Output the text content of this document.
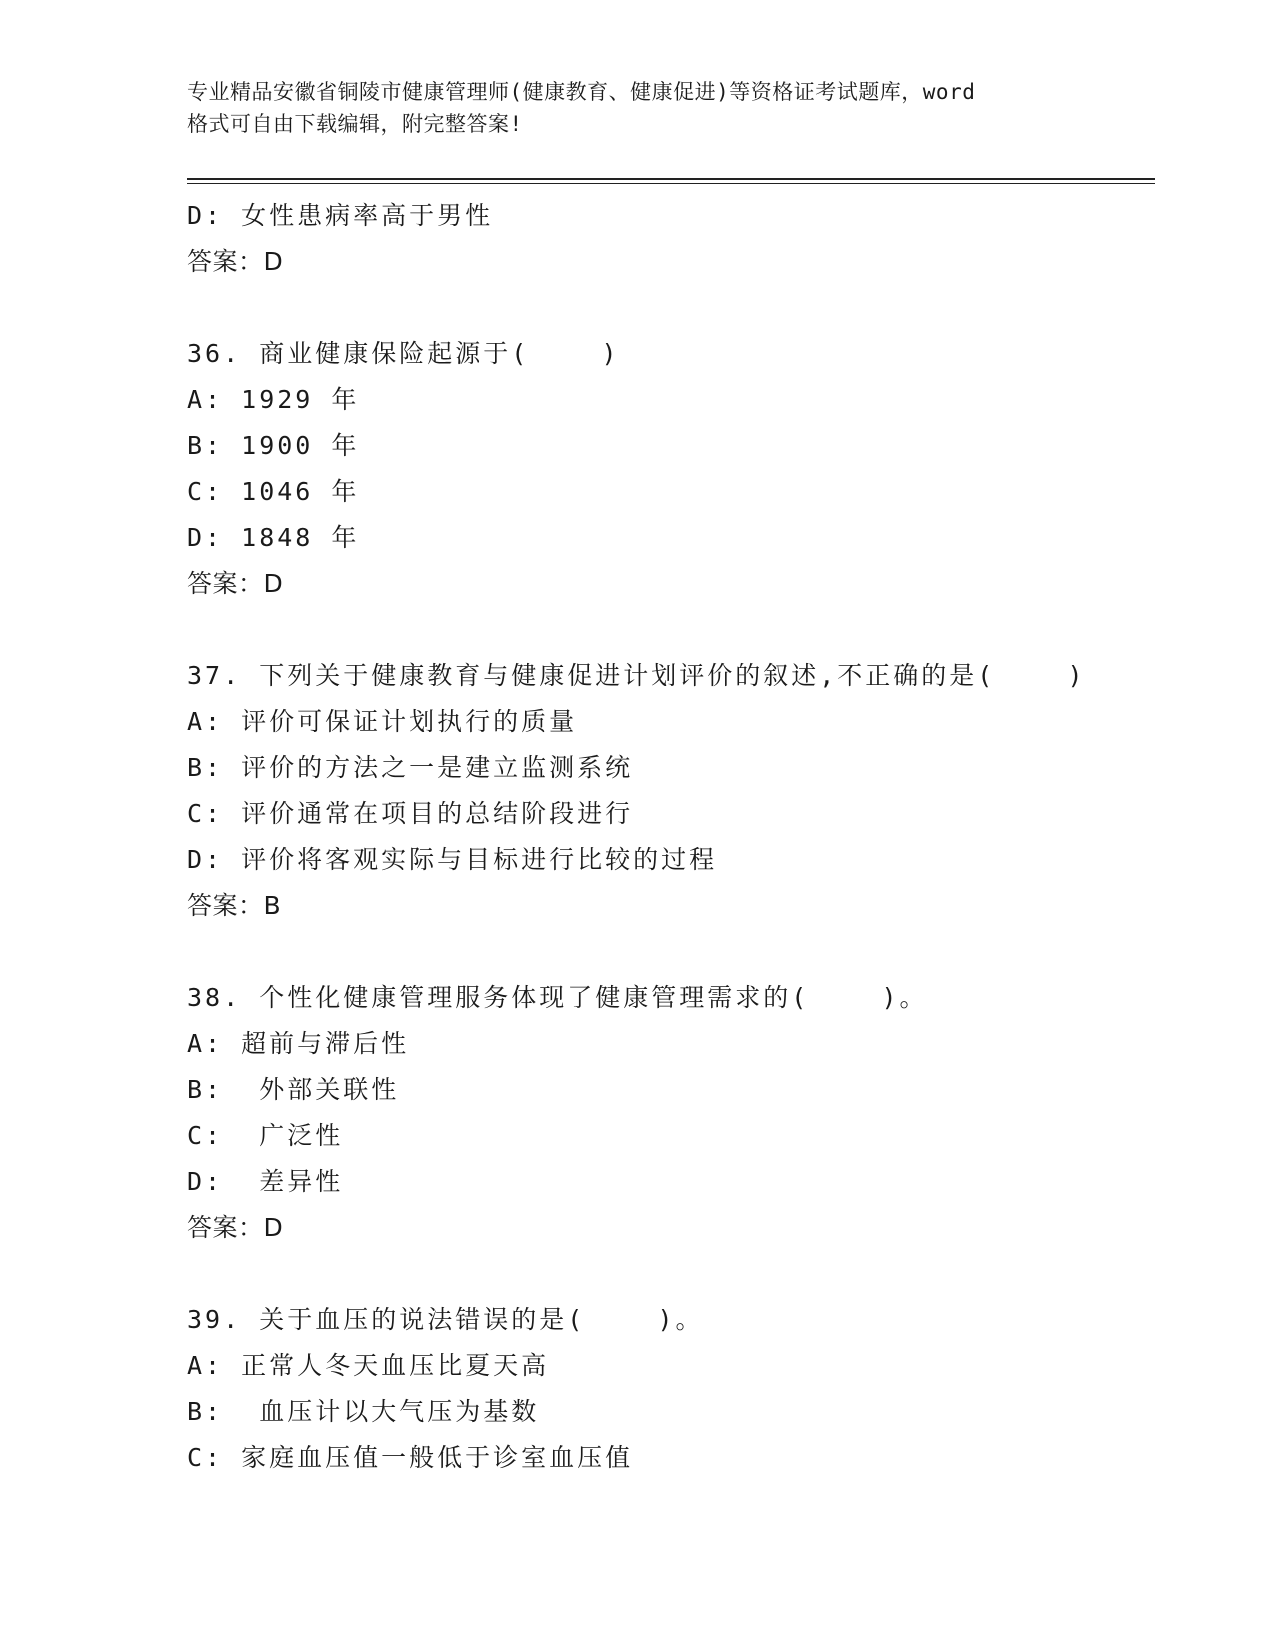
专业精品安徽省铜陵市健康管理师(健康教育、健康促进)等资格证考试题库，word
格式可自由下载编辑，附完整答案!
D: 女性患病率高于男性
答案：D
36. 商业健康保险起源于(    )
A: 1929 年
B: 1900 年
C: 1046 年
D: 1848 年
答案：D
37. 下列关于健康教育与健康促进计划评价的叙述,不正确的是(    )
A: 评价可保证计划执行的质量
B: 评价的方法之一是建立监测系统
C: 评价通常在项目的总结阶段进行
D: 评价将客观实际与目标进行比较的过程
答案：B
38. 个性化健康管理服务体现了健康管理需求的(    )。
A: 超前与滞后性
B:  外部关联性
C:  广泛性
D:  差异性
答案：D
39. 关于血压的说法错误的是(    )。
A: 正常人冬天血压比夏天高
B:  血压计以大气压为基数
C: 家庭血压值一般低于诊室血压值
